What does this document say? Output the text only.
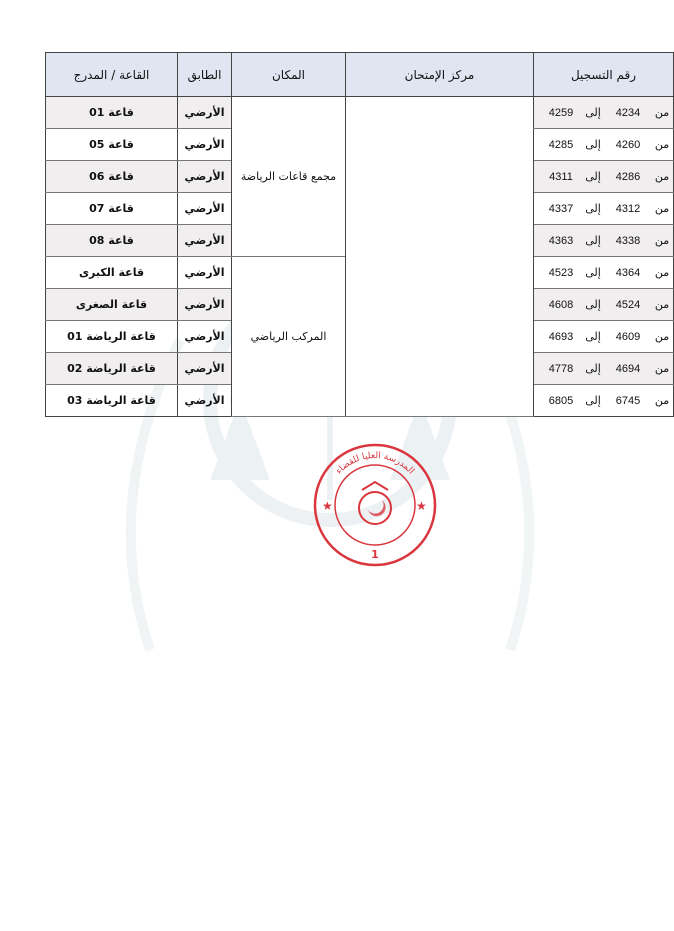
رقم التسجيل	مركز الإمتحان	المكان	الطابق	القاعة / المدرج

من
4234
إلى
4259		مجمع قاعات الرياضة	الأرضي	قاعة 01

من
4260
إلى
4285			الأرضي	قاعة 05

من
4286
إلى
4311			الأرضي	قاعة 06

من
4312
إلى
4337			الأرضي	قاعة 07

من
4338
إلى
4363			الأرضي	قاعة 08

من
4364
إلى
4523		المركب الرياضي	الأرضي	قاعة الكبرى

من
4524
إلى
4608			الأرضي	قاعة الصغرى

من
4609
إلى
4693			الأرضي	قاعة الرياضة 01

من
4694
إلى
4778			الأرضي	قاعة الرياضة 02

من
6745
إلى
6805			الأرضي	قاعة الرياضة 03
المدرسة العليا للقضاء
★	★
1
